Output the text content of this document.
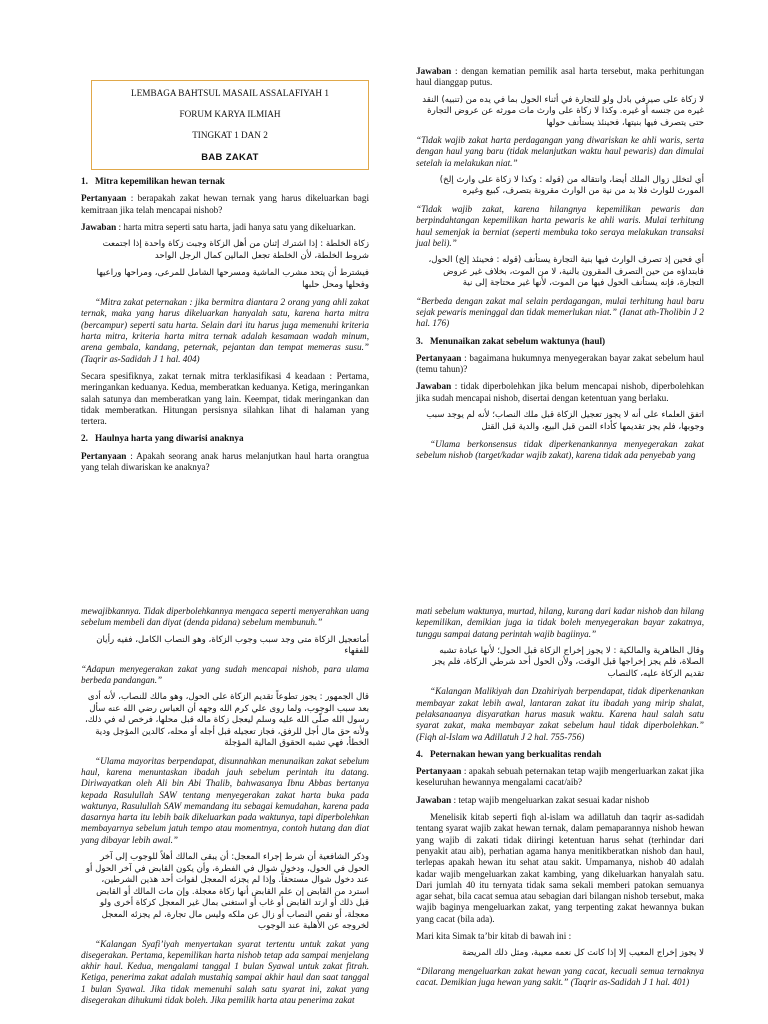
LEMBAGA BAHTSUL MASAIL ASSALAFIYAH 1
FORUM KARYA ILMIAH
TINGKAT 1 DAN 2
BAB ZAKAT
1. Mitra kepemilikan hewan ternak

Pertanyaan : berapakah zakat hewan ternak yang harus dikeluarkan bagi kemitraan jika telah mencapai nishob?

Jawaban : harta mitra seperti satu harta, jadi hanya satu yang dikeluarkan.

زكاة الخلطة : إذا اشترك إثنان من أهل الزكاة وجبت زكاة واحدة إذا اجتمعت شروط الخلطة، لأن الخلطة تجعل المالين كمال الرجل الواحد

فيشترط أن يتحد مشرب الماشية ومسرحها الشامل للمرعى، ومراحها وراعيها وفحلها ومحل حلبها

“Mitra zakat peternakan : jika bermitra diantara 2 orang yang ahli zakat ternak, maka yang harus dikeluarkan hanyalah satu, karena harta mitra (bercampur) seperti satu harta. Selain dari itu harus juga memenuhi kriteria harta mitra, kriteria harta mitra ternak adalah kesamaan wadah minum, arena gembala, kandang, peternak, pejantan dan tempat memeras susu.” (Taqrir as-Sadidah J 1 hal. 404)

Secara spesifiknya, zakat ternak mitra terklasifikasi 4 keadaan : Pertama, meringankan keduanya. Kedua, memberatkan keduanya. Ketiga, meringankan salah satunya dan memberatkan yang lain. Keempat, tidak meringankan dan tidak memberatkan. Hitungan persisnya silahkan lihat di halaman yang tertera.

2. Haulnya harta yang diwarisi anaknya

Pertanyaan : Apakah seorang anak harus melanjutkan haul harta orangtua yang telah diwariskan ke anaknya?

Jawaban : dengan kematian pemilik asal harta tersebut, maka perhitungan haul dianggap putus.

لا زكاة على صيرفي بادل ولو للتجارة في أثناء الحول بما في يده من (تنبيه) النقد غيره من جنسه أو غيره. وكذا لا زكاة على وارث مات مورثه عن عروض التجارة حتى يتصرف فيها بنيتها، فحينئذ يستأنف حولها

“Tidak wajib zakat harta perdagangan yang diwariskan ke ahli waris, serta dengan haul yang baru (tidak melanjutkan waktu haul pewaris) dan dimulai setelah ia melakukan niat.”

أي لتخلل زوال الملك أيضا، وانتقاله من (قوله : وكذا لا زكاة على وارث إلخ) المورث للوارث فلا بد من نية من الوارث مقرونة بتصرف، كبيع وغيره

“Tidak wajib zakat, karena hilangnya kepemilikan pewaris dan berpindahtangan kepemilikan harta pewaris ke ahli waris. Mulai terhitung haul semenjak ia berniat (seperti membuka toko seraya melakukan transaksi jual beli).”

أي فحين إذ تصرف الوارث فيها بنية التجارة يستأنف (قوله : فحينئذ إلخ) الحول، فابتداؤه من حين التصرف المقرون بالنية، لا من الموت، بخلاف غير عروض التجارة، فإنه يستأنف الحول فيها من الموت، لأنها غير محتاجة إلى نية

“Berbeda dengan zakat mal selain perdagangan, mulai terhitung haul baru sejak pewaris meninggal dan tidak memerlukan niat.” (Ianat ath-Tholibin J 2 hal. 176)

3. Menunaikan zakat sebelum waktunya (haul)

Pertanyaan : bagaimana hukumnya menyegerakan bayar zakat sebelum haul (temu tahun)?

Jawaban : tidak diperbolehkan jika belum mencapai nishob, diperbolehkan jika sudah mencapai nishob, disertai dengan ketentuan yang berlaku.

اتفق العلماء على أنه لا يجوز تعجيل الزكاة قبل ملك النصاب؛ لأنه لم يوجد سبب وجوبها، فلم يجز تقديمها كأداء الثمن قبل البيع، والدية قبل القتل

“Ulama berkonsensus tidak diperkenankannya menyegerakan zakat sebelum nishob (target/kadar wajib zakat), karena tidak ada penyebab yang

mewajibkannya. Tidak diperbolehkannya mengaca seperti menyerahkan uang sebelum membeli dan diyat (denda pidana) sebelum membunuh.”

أماتعجيل الزكاة متى وجد سبب وجوب الزكاة، وهو النصاب الكامل، ففيه رأيان للفقهاء

“Adapun menyegerakan zakat yang sudah mencapai nishob, para ulama berbeda pandangan.”

قال الجمهور : يجوز تطوعاً تقديم الزكاة على الحول، وهو مالك للنصاب، لأنه أدى بعد سبب الوجوب، ولما روى علي كرم الله وجهه أن العباس رضي الله عنه سأل رسول الله صلّى الله عليه وسلم ليعجل زكاة ماله قبل محلها، فرخص له في ذلك، ولأنه حق مال أجل للرفق، فجاز تعجيله قبل أجله أو محله، كالدين المؤجل ودية الخطأ، فهي تشبه الحقوق المالية المؤجلة

“Ulama mayoritas berpendapat, disunnahkan menunaikan zakat sebelum haul, karena menuntaskan ibadah jauh sebelum perintah itu datang. Diriwayatkan oleh Ali bin Abi Thalib, bahwasanya Ibnu Abbas bertanya kepada Rasulullah SAW tentang menyegerakan zakat harta buka pada waktunya, Rasulullah SAW memandang itu sebagai kemudahan, karena pada dasarnya harta itu lebih baik dikeluarkan pada waktunya, tapi diperbolehkan membayarnya sebelum jatuh tempo atau momentnya, contoh hutang dan diat yang dibayar lebih awal.”

وذكر الشافعية أن شرط إجراء المعجل: أن يبقى المالك أهلاً للوجوب إلى آخر الحول في الحول، ودخول شوال في الفطرة، وأن يكون القابض في آخر الحول أو عند دخول شوال مستحقاً. وإذا لم يجزئه المعجل لفوات أحد هذين الشرطين، استرد من القابض إن علم القابض أنها زكاة معجلة. وإن مات المالك أو القابض قبل ذلك أو ارتد القابض أو غاب أو استغنى بمال غير المعجل كزكاة أخرى ولو معجلة، أو نقص النصاب أو زال عن ملكه وليس مال تجارة، لم يجزئه المعجل لخروجه عن الأهلية عند الوجوب

“Kalangan Syafi’iyah menyertakan syarat tertentu untuk zakat yang disegerakan. Pertama, kepemilikan harta nishob tetap ada sampai menjelang akhir haul. Kedua, mengalami tanggal 1 bulan Syawal untuk zakat fitrah. Ketiga, penerima zakat adalah mustahiq sampai akhir haul dan saat tanggal 1 bulan Syawal. Jika tidak memenuhi salah satu syarat ini, zakat yang disegerakan dihukumi tidak boleh. Jika pemilik harta atau penerima zakat

mati sebelum waktunya, murtad, hilang, kurang dari kadar nishob dan hilang kepemilikan, demikian juga ia tidak boleh menyegerakan bayar zakatnya, tunggu sampai datang perintah wajib bagiinya.”

وقال الظاهرية والمالكية : لا يجوز إخراج الزكاة قبل الحول؛ لأنها عبادة تشبه الصلاة، فلم يجز إخراجها قبل الوقت، ولأن الحول أحد شرطي الزكاة، فلم يجز تقديم الزكاة عليه، كالنصاب

“Kalangan Malikiyah dan Dzahiriyah berpendapat, tidak diperkenankan membayar zakat lebih awal, lantaran zakat itu ibadah yang mirip shalat, pelaksanaanya disyaratkan harus masuk waktu. Karena haul salah satu syarat zakat, maka membayar zakat sebelum haul tidak diperbolehkan.” (Fiqh al-Islam wa Adillatuh J 2 hal. 755-756)

4. Peternakan hewan yang berkualitas rendah

Pertanyaan : apakah sebuah peternakan tetap wajib mengerluarkan zakat jika keseluruhan hewannya mengalami cacat/aib?

Jawaban : tetap wajib mengeluarkan zakat sesuai kadar nishob

Menelisik kitab seperti fiqh al-islam wa adillatuh dan taqrir as-sadidah tentang syarat wajib zakat hewan ternak, dalam pemaparannya nishob hewan yang wajib di zakati tidak diiringi ketentuan harus sehat (terhindar dari penyakit atau aib), perhatian agama hanya menitikberatkan nishob dan haul, terlepas apakah hewan itu sehat atau sakit. Umpamanya, nishob 40 adalah kadar wajib mengeluarkan zakat kambing, yang dikeluarkan hanyalah satu. Dari jumlah 40 itu ternyata tidak sama sekali memberi patokan semuanya agar sehat, bila cacat semua atau sebagian dari bilangan nishob tersebut, maka wajib baginya mengeluarkan zakat, yang terpenting zakat hewannya bukan yang cacat (bila ada).

Mari kita Simak ta’bir kitab di bawah ini :

لا يجوز إخراج المعيب إلا إذا كانت كل نعمه معيبة، ومثل ذلك المريضة

“Dilarang mengeluarkan zakat hewan yang cacat, kecuali semua ternaknya cacat. Demikian juga hewan yang sakit.” (Taqrir as-Sadidah J 1 hal. 401)
